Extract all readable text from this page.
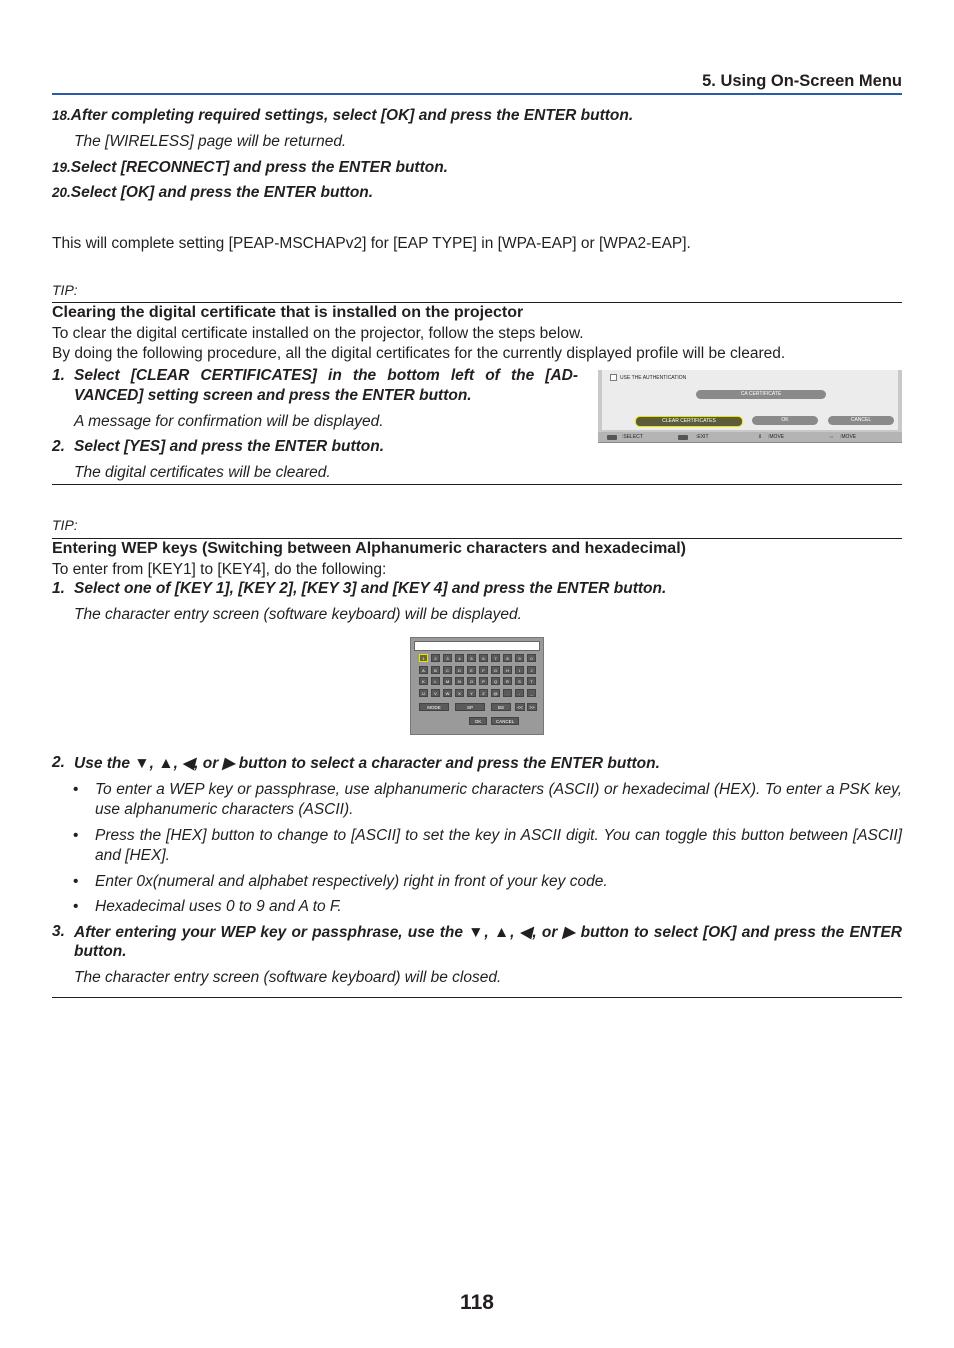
5. Using On-Screen Menu
18.After completing required settings, select [OK] and press the ENTER button.
The [WIRELESS] page will be returned.
19.Select [RECONNECT] and press the ENTER button.
20.Select [OK] and press the ENTER button.
This will complete setting [PEAP-MSCHAPv2] for [EAP TYPE] in [WPA-EAP] or [WPA2-EAP].
TIP:
Clearing the digital certificate that is installed on the projector
To clear the digital certificate installed on the projector, follow the steps below.
By doing the following procedure, all the digital certificates for the currently displayed profile will be cleared.
1. Select [CLEAR CERTIFICATES] in the bottom left of the [AD-
VANCED] setting screen and press the ENTER button.
A message for confirmation will be displayed.
2. Select [YES] and press the ENTER button.
The digital certificates will be cleared.
USE THE AUTHENTICATION
CA CERTIFICATE
CLEAR CERTIFICATES	OK	CANCEL
:SELECT	:EXIT	⇕ :MOVE	⇔ :MOVE
TIP:
Entering WEP keys (Switching between Alphanumeric characters and hexadecimal)
To enter from [KEY1] to [KEY4], do the following:
1. Select one of [KEY 1], [KEY 2], [KEY 3] and [KEY 4] and press the ENTER button.
The character entry screen (software keyboard) will be displayed.
MODE	SP	BS	<<	>>
OK	CANCEL
1	2	3	4	5	6	7	8	9	0
A	B	C	D	E	F	G	H	I	J
K	L	M	N	O	P	Q	R	S	T
U	V	W	X	Y	Z	@	.	-	_
2. Use the ▼, ▲, ◀, or ▶ button to select a character and press the ENTER button.
• To enter a WEP key or passphrase, use alphanumeric characters (ASCII) or hexadecimal (HEX). To enter a PSK key, use alphanumeric characters (ASCII).
• Press the [HEX] button to change to [ASCII] to set the key in ASCII digit. You can toggle this button between [ASCII] and [HEX].
• Enter 0x(numeral and alphabet respectively) right in front of your key code.
• Hexadecimal uses 0 to 9 and A to F.
3. After entering your WEP key or passphrase, use the ▼, ▲, ◀, or ▶ button to select [OK] and press the ENTER
button.
The character entry screen (software keyboard) will be closed.
118
